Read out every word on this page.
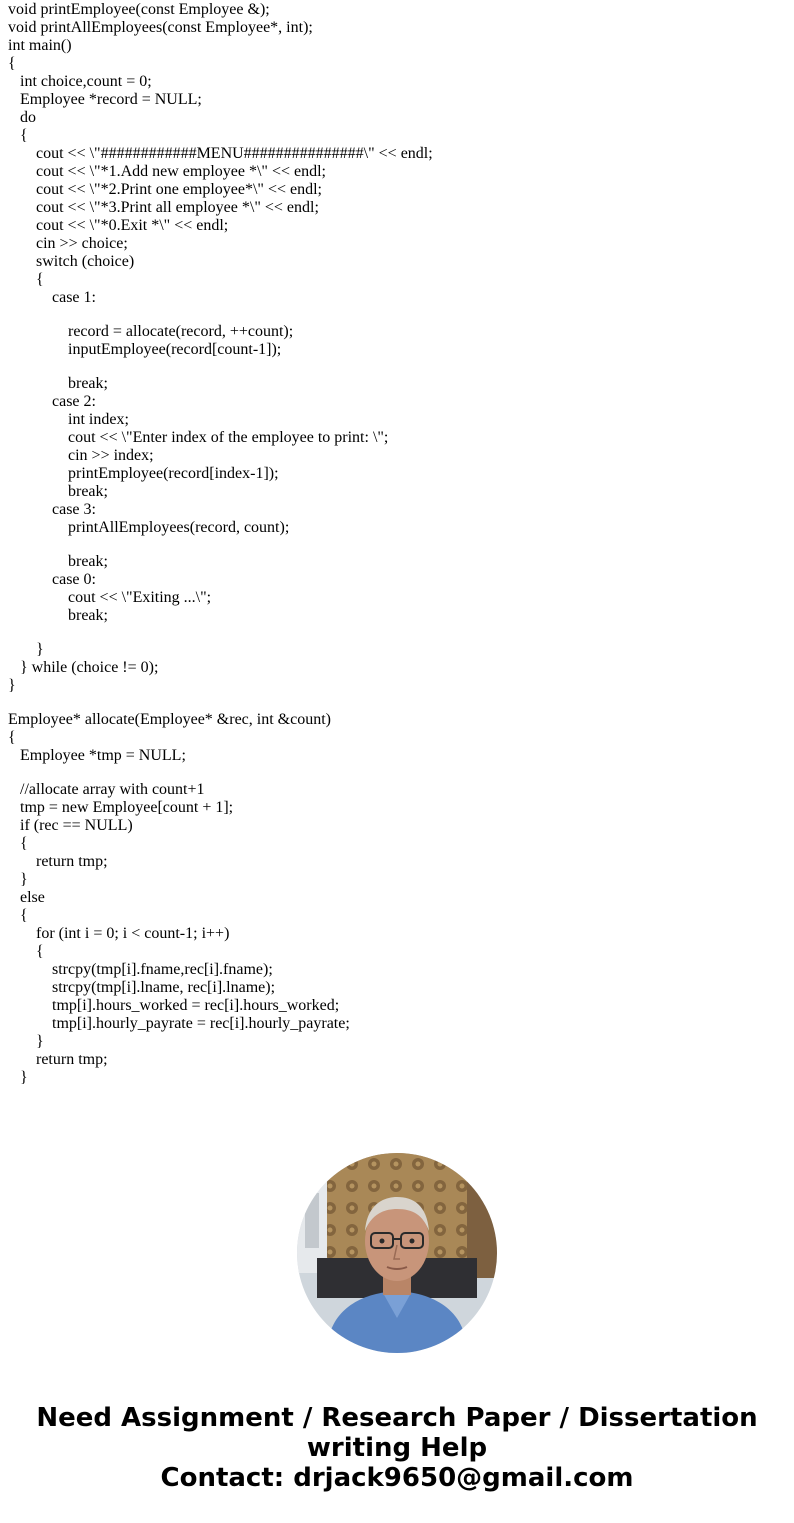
void printEmployee(const Employee &);
void printAllEmployees(const Employee*, int);
int main()
{
int choice,count = 0;
Employee *record = NULL;
do
{
cout << \"############MENU###############\" << endl;
cout << \"*1.Add new employee *\" << endl;
cout << \"*2.Print one employee*\" << endl;
cout << \"*3.Print all employee *\" << endl;
cout << \"*0.Exit *\" << endl;
cin >> choice;
switch (choice)
{
case 1:
record = allocate(record, ++count);
inputEmployee(record[count-1]);
break;
case 2:
int index;
cout << \"Enter index of the employee to print: \";
cin >> index;
printEmployee(record[index-1]);
break;
case 3:
printAllEmployees(record, count);
break;
case 0:
cout << \"Exiting ...\";
break;
}
} while (choice != 0);
}
Employee* allocate(Employee* &rec, int &count)
{
Employee *tmp = NULL;
//allocate array with count+1
tmp = new Employee[count + 1];
if (rec == NULL)
{
return tmp;
}
else
{
for (int i = 0; i < count-1; i++)
{
strcpy(tmp[i].fname,rec[i].fname);
strcpy(tmp[i].lname, rec[i].lname);
tmp[i].hours_worked = rec[i].hours_worked;
tmp[i].hourly_payrate = rec[i].hourly_payrate;
}
return tmp;
}
Need Assignment / Research Paper / Dissertation
writing Help
Contact: drjack9650@gmail.com
